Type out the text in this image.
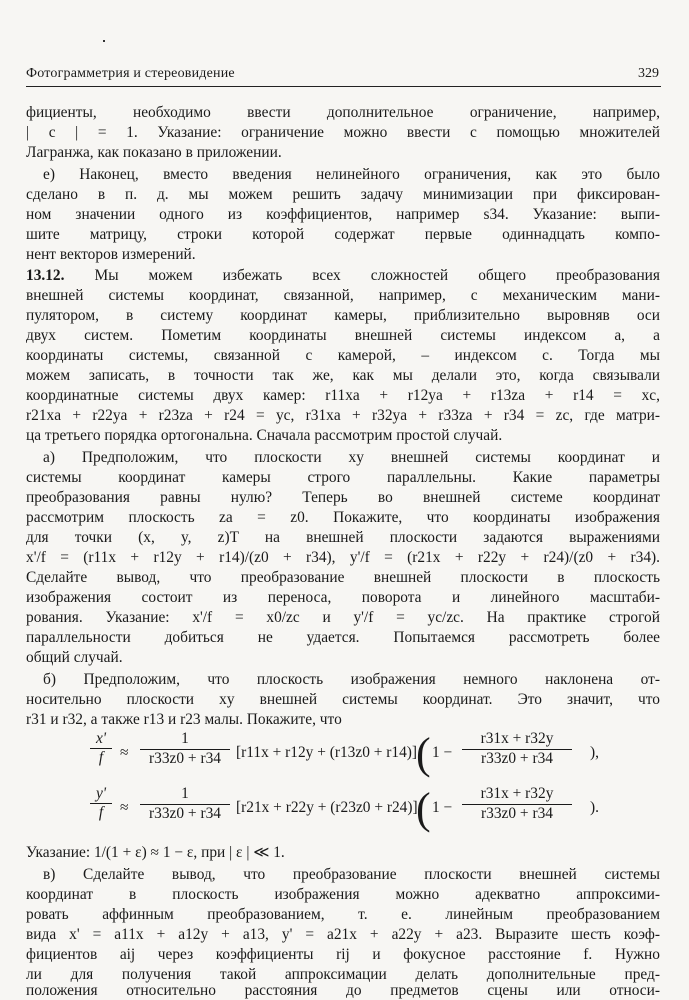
Фотограмметрия и стереовидение	329
фициенты, необходимо ввести дополнительное ограничение, например,
| c | = 1. Указание: ограничение можно ввести с помощью множителей
Лагранжа, как показано в приложении.
е) Наконец, вместо введения нелинейного ограничения, как это было
сделано в п. д. мы можем решить задачу минимизации при фиксирован-
ном значении одного из коэффициентов, например s34. Указание: выпи-
шите матрицу, строки которой содержат первые одиннадцать компо-
нент векторов измерений.
13.12. Мы можем избежать всех сложностей общего преобразования
внешней системы координат, связанной, например, с механическим мани-
пулятором, в систему координат камеры, приблизительно выровняв оси
двух систем. Пометим координаты внешней системы индексом a, а
координаты системы, связанной с камерой, – индексом c. Тогда мы
можем записать, в точности так же, как мы делали это, когда связывали
координатные системы двух камер: r11xa + r12ya + r13za + r14 = xc,
r21xa + r22ya + r23za + r24 = yc, r31xa + r32ya + r33za + r34 = zc, где матри-
ца третьего порядка ортогональна. Сначала рассмотрим простой случай.
а) Предположим, что плоскости xy внешней системы координат и
системы координат камеры строго параллельны. Какие параметры
преобразования равны нулю? Теперь во внешней системе координат
рассмотрим плоскость za = z0. Покажите, что координаты изображения
для точки (x, y, z)T на внешней плоскости задаются выражениями
x'/f = (r11x + r12y + r14)/(z0 + r34), y'/f = (r21x + r22y + r24)/(z0 + r34).
Сделайте вывод, что преобразование внешней плоскости в плоскость
изображения состоит из переноса, поворота и линейного масштаби-
рования. Указание: x'/f = x0/zc и y'/f = yc/zc. На практике строгой
параллельности добиться не удается. Попытаемся рассмотреть более
общий случай.
б) Предположим, что плоскость изображения немного наклонена от-
носительно плоскости xy внешней системы координат. Это значит, что
r31 и r32, а также r13 и r23 малы. Покажите, что
$\frac{x'}{f} \approx \frac{1}{r33z0 + r34} [r11x + r12y + (r13z0 + r14)]$
( $1 - \frac{r31x + r32y}{r33z0 + r34}$ ),
$\frac{y'}{f} \approx \frac{1}{r33z0 + r34} [r21x + r22y + (r23z0 + r24)]$
( $1 - \frac{r31x + r32y}{r33z0 + r34}$ ).
Указание: 1/(1 + ε) ≈ 1 − ε, при | ε | ≪ 1.
в) Сделайте вывод, что преобразование плоскости внешней системы
координат в плоскость изображения можно адекватно аппроксими-
ровать аффинным преобразованием, т. е. линейным преобразованием
вида x' = a11x + a12y + a13, y' = a21x + a22y + a23. Выразите шесть коэф-
фициентов aij через коэффициенты rij и фокусное расстояние f. Нужно
ли для получения такой аппроксимации делать дополнительные пред-
положения относительно расстояния до предметов сцены или относи-
